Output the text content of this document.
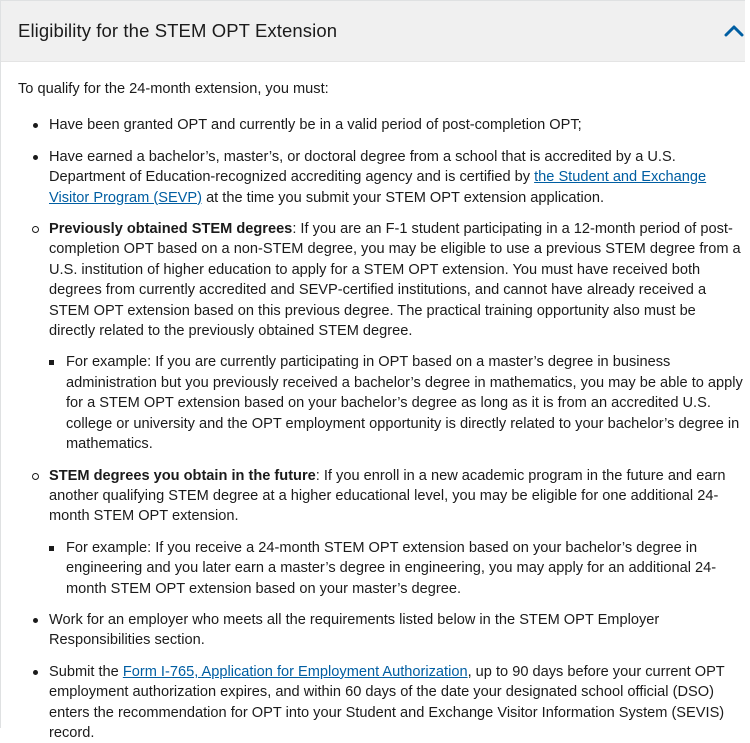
Eligibility for the STEM OPT Extension

To qualify for the 24-month extension, you must:

Have been granted OPT and currently be in a valid period of post-completion OPT;
Have earned a bachelor’s, master’s, or doctoral degree from a school that is accredited by a U.S. Department of Education-recognized accrediting agency and is certified by the Student and Exchange Visitor Program (SEVP) at the time you submit your STEM OPT extension application.
Previously obtained STEM degrees: If you are an F-1 student participating in a 12-month period of post-completion OPT based on a non-STEM degree, you may be eligible to use a previous STEM degree from a U.S. institution of higher education to apply for a STEM OPT extension. You must have received both degrees from currently accredited and SEVP-certified institutions, and cannot have already received a STEM OPT extension based on this previous degree. The practical training opportunity also must be directly related to the previously obtained STEM degree.
For example: If you are currently participating in OPT based on a master’s degree in business administration but you previously received a bachelor’s degree in mathematics, you may be able to apply for a STEM OPT extension based on your bachelor’s degree as long as it is from an accredited U.S. college or university and the OPT employment opportunity is directly related to your bachelor’s degree in mathematics.
STEM degrees you obtain in the future: If you enroll in a new academic program in the future and earn another qualifying STEM degree at a higher educational level, you may be eligible for one additional 24-month STEM OPT extension.
For example: If you receive a 24-month STEM OPT extension based on your bachelor’s degree in engineering and you later earn a master’s degree in engineering, you may apply for an additional 24-month STEM OPT extension based on your master’s degree.
Work for an employer who meets all the requirements listed below in the STEM OPT Employer Responsibilities section.
Submit the Form I-765, Application for Employment Authorization, up to 90 days before your current OPT employment authorization expires, and within 60 days of the date your designated school official (DSO) enters the recommendation for OPT into your Student and Exchange Visitor Information System (SEVIS) record.
